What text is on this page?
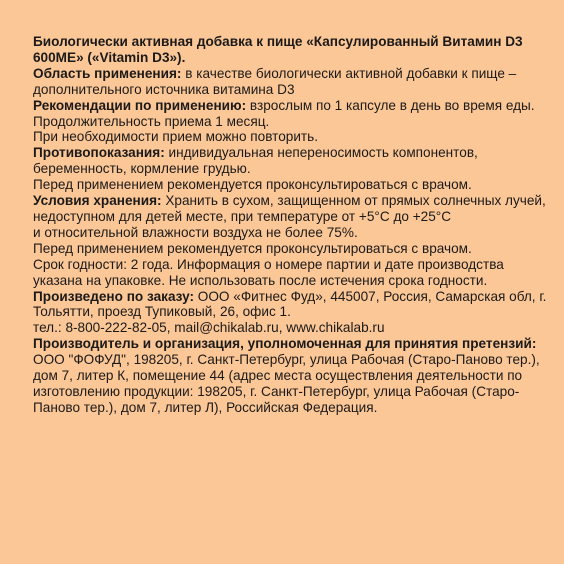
Биологически активная добавка к пище «Капсулированный Витамин D3 600МЕ» («Vitamin D3»).

Область применения: в качестве биологически активной добавки к пище – дополнительного источника витамина D3

Рекомендации по применению: взрослым по 1 капсуле в день во время еды. Продолжительность приема 1 месяц.

При необходимости прием можно повторить.

Противопоказания: индивидуальная непереносимость компонентов, беременность, кормление грудью.

Перед применением рекомендуется проконсультироваться с врачом.

Условия хранения: Хранить в сухом, защищенном от прямых солнечных лучей, недоступном для детей месте, при температуре от +5°С до +25°С

и относительной влажности воздуха не более 75%.

Перед применением рекомендуется проконсультироваться с врачом.

Срок годности: 2 года. Информация о номере партии и дате производства указана на упаковке. Не использовать после истечения срока годности.

Произведено по заказу: ООО «Фитнес Фуд», 445007, Россия, Самарская обл, г. Тольятти, проезд Тупиковый, 26, офис 1.

тел.: 8-800-222-82-05, mail@chikalab.ru, www.chikalab.ru

Производитель и организация, уполномоченная для принятия претензий: ООО "ФОФУД", 198205, г. Санкт-Петербург, улица Рабочая (Старо-Паново тер.), дом 7, литер К, помещение 44 (адрес места осуществления деятельности по изготовлению продукции: 198205, г. Санкт-Петербург, улица Рабочая (Старо-Паново тер.), дом 7, литер Л), Российская Федерация.
